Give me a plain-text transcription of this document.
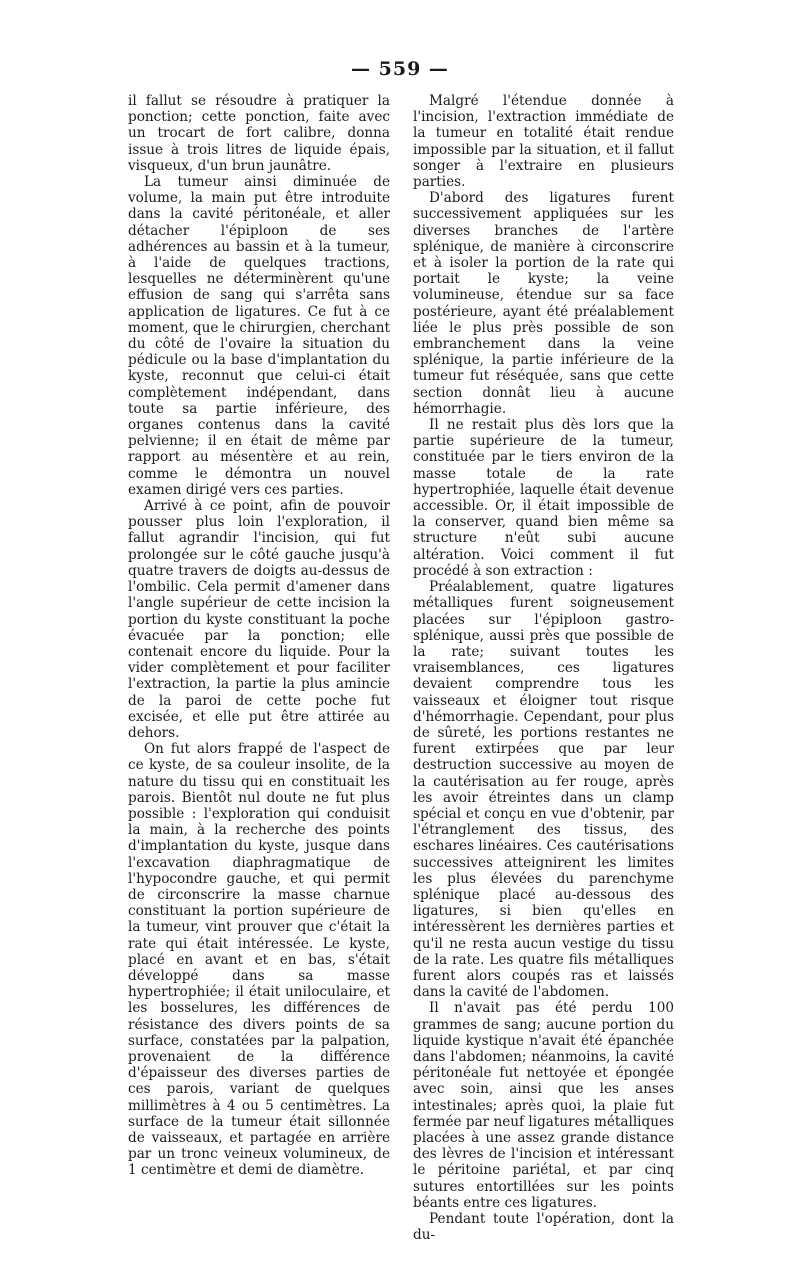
— 559 —

il fallut se résoudre à pratiquer la ponction; cette ponction, faite avec un trocart de fort calibre, donna issue à trois litres de liquide épais, visqueux, d'un brun jaunâtre.

La tumeur ainsi diminuée de volume, la main put être introduite dans la cavité péritonéale, et aller détacher l'épiploon de ses adhérences au bassin et à la tumeur, à l'aide de quelques tractions, lesquelles ne déterminèrent qu'une effusion de sang qui s'arrêta sans application de ligatures. Ce fut à ce moment, que le chirurgien, cherchant du côté de l'ovaire la situation du pédicule ou la base d'implantation du kyste, reconnut que celui-ci était complètement indépendant, dans toute sa partie inférieure, des organes contenus dans la cavité pelvienne; il en était de même par rapport au mésentère et au rein, comme le démontra un nouvel examen dirigé vers ces parties.

Arrivé à ce point, afin de pouvoir pousser plus loin l'exploration, il fallut agrandir l'incision, qui fut prolongée sur le côté gauche jusqu'à quatre travers de doigts au-dessus de l'ombilic. Cela permit d'amener dans l'angle supérieur de cette incision la portion du kyste constituant la poche évacuée par la ponction; elle contenait encore du liquide. Pour la vider complètement et pour faciliter l'extraction, la partie la plus amincie de la paroi de cette poche fut excisée, et elle put être attirée au dehors.

On fut alors frappé de l'aspect de ce kyste, de sa couleur insolite, de la nature du tissu qui en constituait les parois. Bientôt nul doute ne fut plus possible : l'exploration qui conduisit la main, à la recherche des points d'implantation du kyste, jusque dans l'excavation diaphragmatique de l'hypocondre gauche, et qui permit de circonscrire la masse charnue constituant la portion supérieure de la tumeur, vint prouver que c'était la rate qui était intéressée. Le kyste, placé en avant et en bas, s'était développé dans sa masse hypertrophiée; il était uniloculaire, et les bosselures, les différences de résistance des divers points de sa surface, constatées par la palpation, provenaient de la différence d'épaisseur des diverses parties de ces parois, variant de quelques millimètres à 4 ou 5 centimètres. La surface de la tumeur était sillonnée de vaisseaux, et partagée en arrière par un tronc veineux volumineux, de 1 centimètre et demi de diamètre.

Malgré l'étendue donnée à l'incision, l'extraction immédiate de la tumeur en totalité était rendue impossible par la situation, et il fallut songer à l'extraire en plusieurs parties.

D'abord des ligatures furent successivement appliquées sur les diverses branches de l'artère splénique, de manière à circonscrire et à isoler la portion de la rate qui portait le kyste; la veine volumineuse, étendue sur sa face postérieure, ayant été préalablement liée le plus près possible de son embranchement dans la veine splénique, la partie inférieure de la tumeur fut réséquée, sans que cette section donnât lieu à aucune hémorrhagie.

Il ne restait plus dès lors que la partie supérieure de la tumeur, constituée par le tiers environ de la masse totale de la rate hypertrophiée, laquelle était devenue accessible. Or, il était impossible de la conserver, quand bien même sa structure n'eût subi aucune altération. Voici comment il fut procédé à son extraction :

Préalablement, quatre ligatures métalliques furent soigneusement placées sur l'épiploon gastro-splénique, aussi près que possible de la rate; suivant toutes les vraisemblances, ces ligatures devaient comprendre tous les vaisseaux et éloigner tout risque d'hémorrhagie. Cependant, pour plus de sûreté, les portions restantes ne furent extirpées que par leur destruction successive au moyen de la cautérisation au fer rouge, après les avoir étreintes dans un clamp spécial et conçu en vue d'obtenir, par l'étranglement des tissus, des eschares linéaires. Ces cautérisations successives atteignirent les limites les plus élevées du parenchyme splénique placé au-dessous des ligatures, si bien qu'elles en intéressèrent les dernières parties et qu'il ne resta aucun vestige du tissu de la rate. Les quatre fils métalliques furent alors coupés ras et laissés dans la cavité de l'abdomen.

Il n'avait pas été perdu 100 grammes de sang; aucune portion du liquide kystique n'avait été épanchée dans l'abdomen; néanmoins, la cavité péritonéale fut nettoyée et épongée avec soin, ainsi que les anses intestinales; après quoi, la plaie fut fermée par neuf ligatures métalliques placées à une assez grande distance des lèvres de l'incision et intéressant le péritoine pariétal, et par cinq sutures entortillées sur les points béants entre ces ligatures.

Pendant toute l'opération, dont la du-
